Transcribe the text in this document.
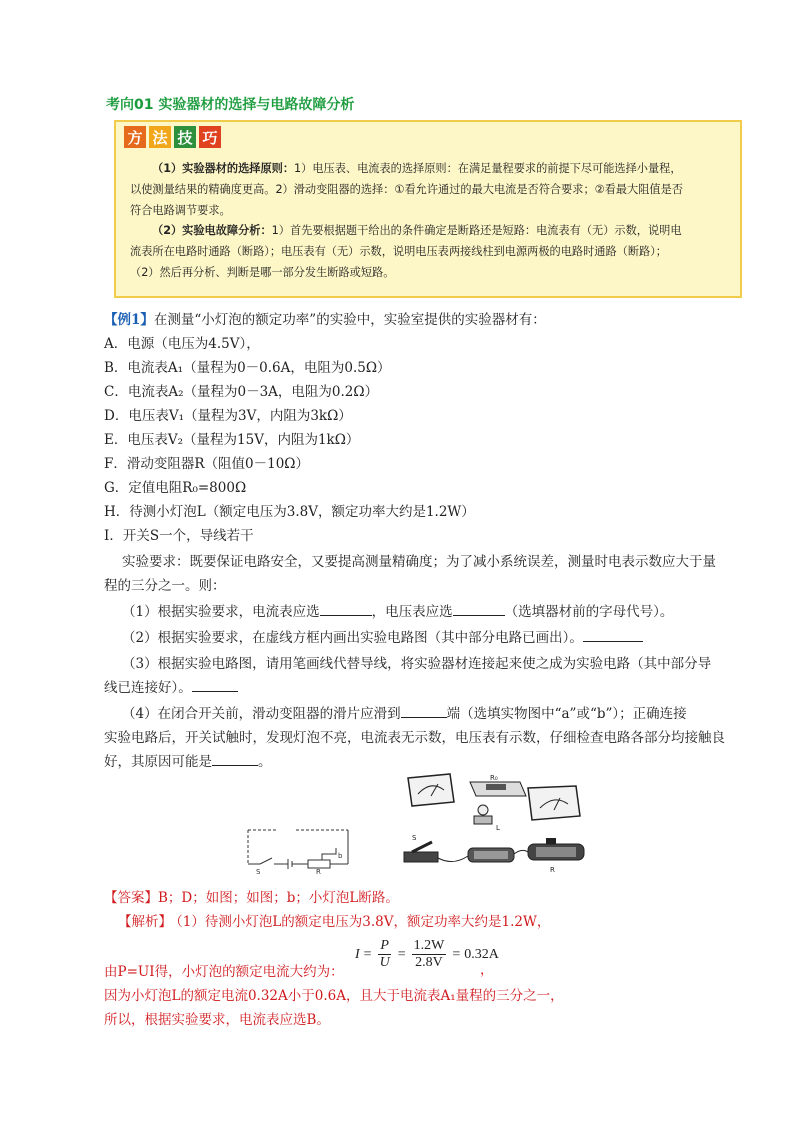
考向01 实验器材的选择与电路故障分析
方 法 技 巧
（1）实验器材的选择原则：1）电压表、电流表的选择原则：在满足量程要求的前提下尽可能选择小量程，
以使测量结果的精确度更高。2）滑动变阻器的选择：①看允许通过的最大电流是否符合要求；②看最大阻值是否
符合电路调节要求。
（2）实验电故障分析：1）首先要根据题干给出的条件确定是断路还是短路：电流表有（无）示数，说明电
流表所在电路时通路（断路）；电压表有（无）示数，说明电压表两接线柱到电源两极的电路时通路（断路）；
（2）然后再分析、判断是哪一部分发生断路或短路。
【例1】在测量“小灯泡的额定功率”的实验中，实验室提供的实验器材有：
A．电源（电压为4.5V），
B．电流表A₁（量程为0－0.6A，电阻为0.5Ω）
C．电流表A₂（量程为0－3A，电阻为0.2Ω）
D．电压表V₁（量程为3V，内阻为3kΩ）
E．电压表V₂（量程为15V，内阻为1kΩ）
F．滑动变阻器R（阻值0－10Ω）
G．定值电阻R₀=800Ω
H．待测小灯泡L（额定电压为3.8V，额定功率大约是1.2W）
I．开关S一个，导线若干
实验要求：既要保证电路安全，又要提高测量精确度；为了减小系统误差，测量时电表示数应大于量
程的三分之一。则：
（1）根据实验要求，电流表应选	，电压表应选	（选填器材前的字母代号）。
（2）根据实验要求，在虚线方框内画出实验电路图（其中部分电路已画出）。
（3）根据实验电路图，请用笔画线代替导线，将实验器材连接起来使之成为实验电路（其中部分导
线已连接好）。
（4）在闭合开关前，滑动变阻器的滑片应滑到	端（选填实物图中“a”或“b”）；正确连接
实验电路后，开关试触时，发现灯泡不亮，电流表无示数，电压表有示数，仔细检查电路各部分均接触良
好，其原因可能是	。
S	R
b
R₀
L
S
R
【答案】B；D；如图；如图；b；小灯泡L断路。
【解析】 （1）待测小灯泡L的额定电压为3.8V，额定功率大约是1.2W，
$I = \frac{P}{U} = \frac{1.2W}{2.8V} = 0.32A$
由P=UI得，小灯泡的额定电流大约为：	，
因为小灯泡L的额定电流0.32A小于0.6A，且大于电流表A₁量程的三分之一，
所以，根据实验要求，电流表应选B。
